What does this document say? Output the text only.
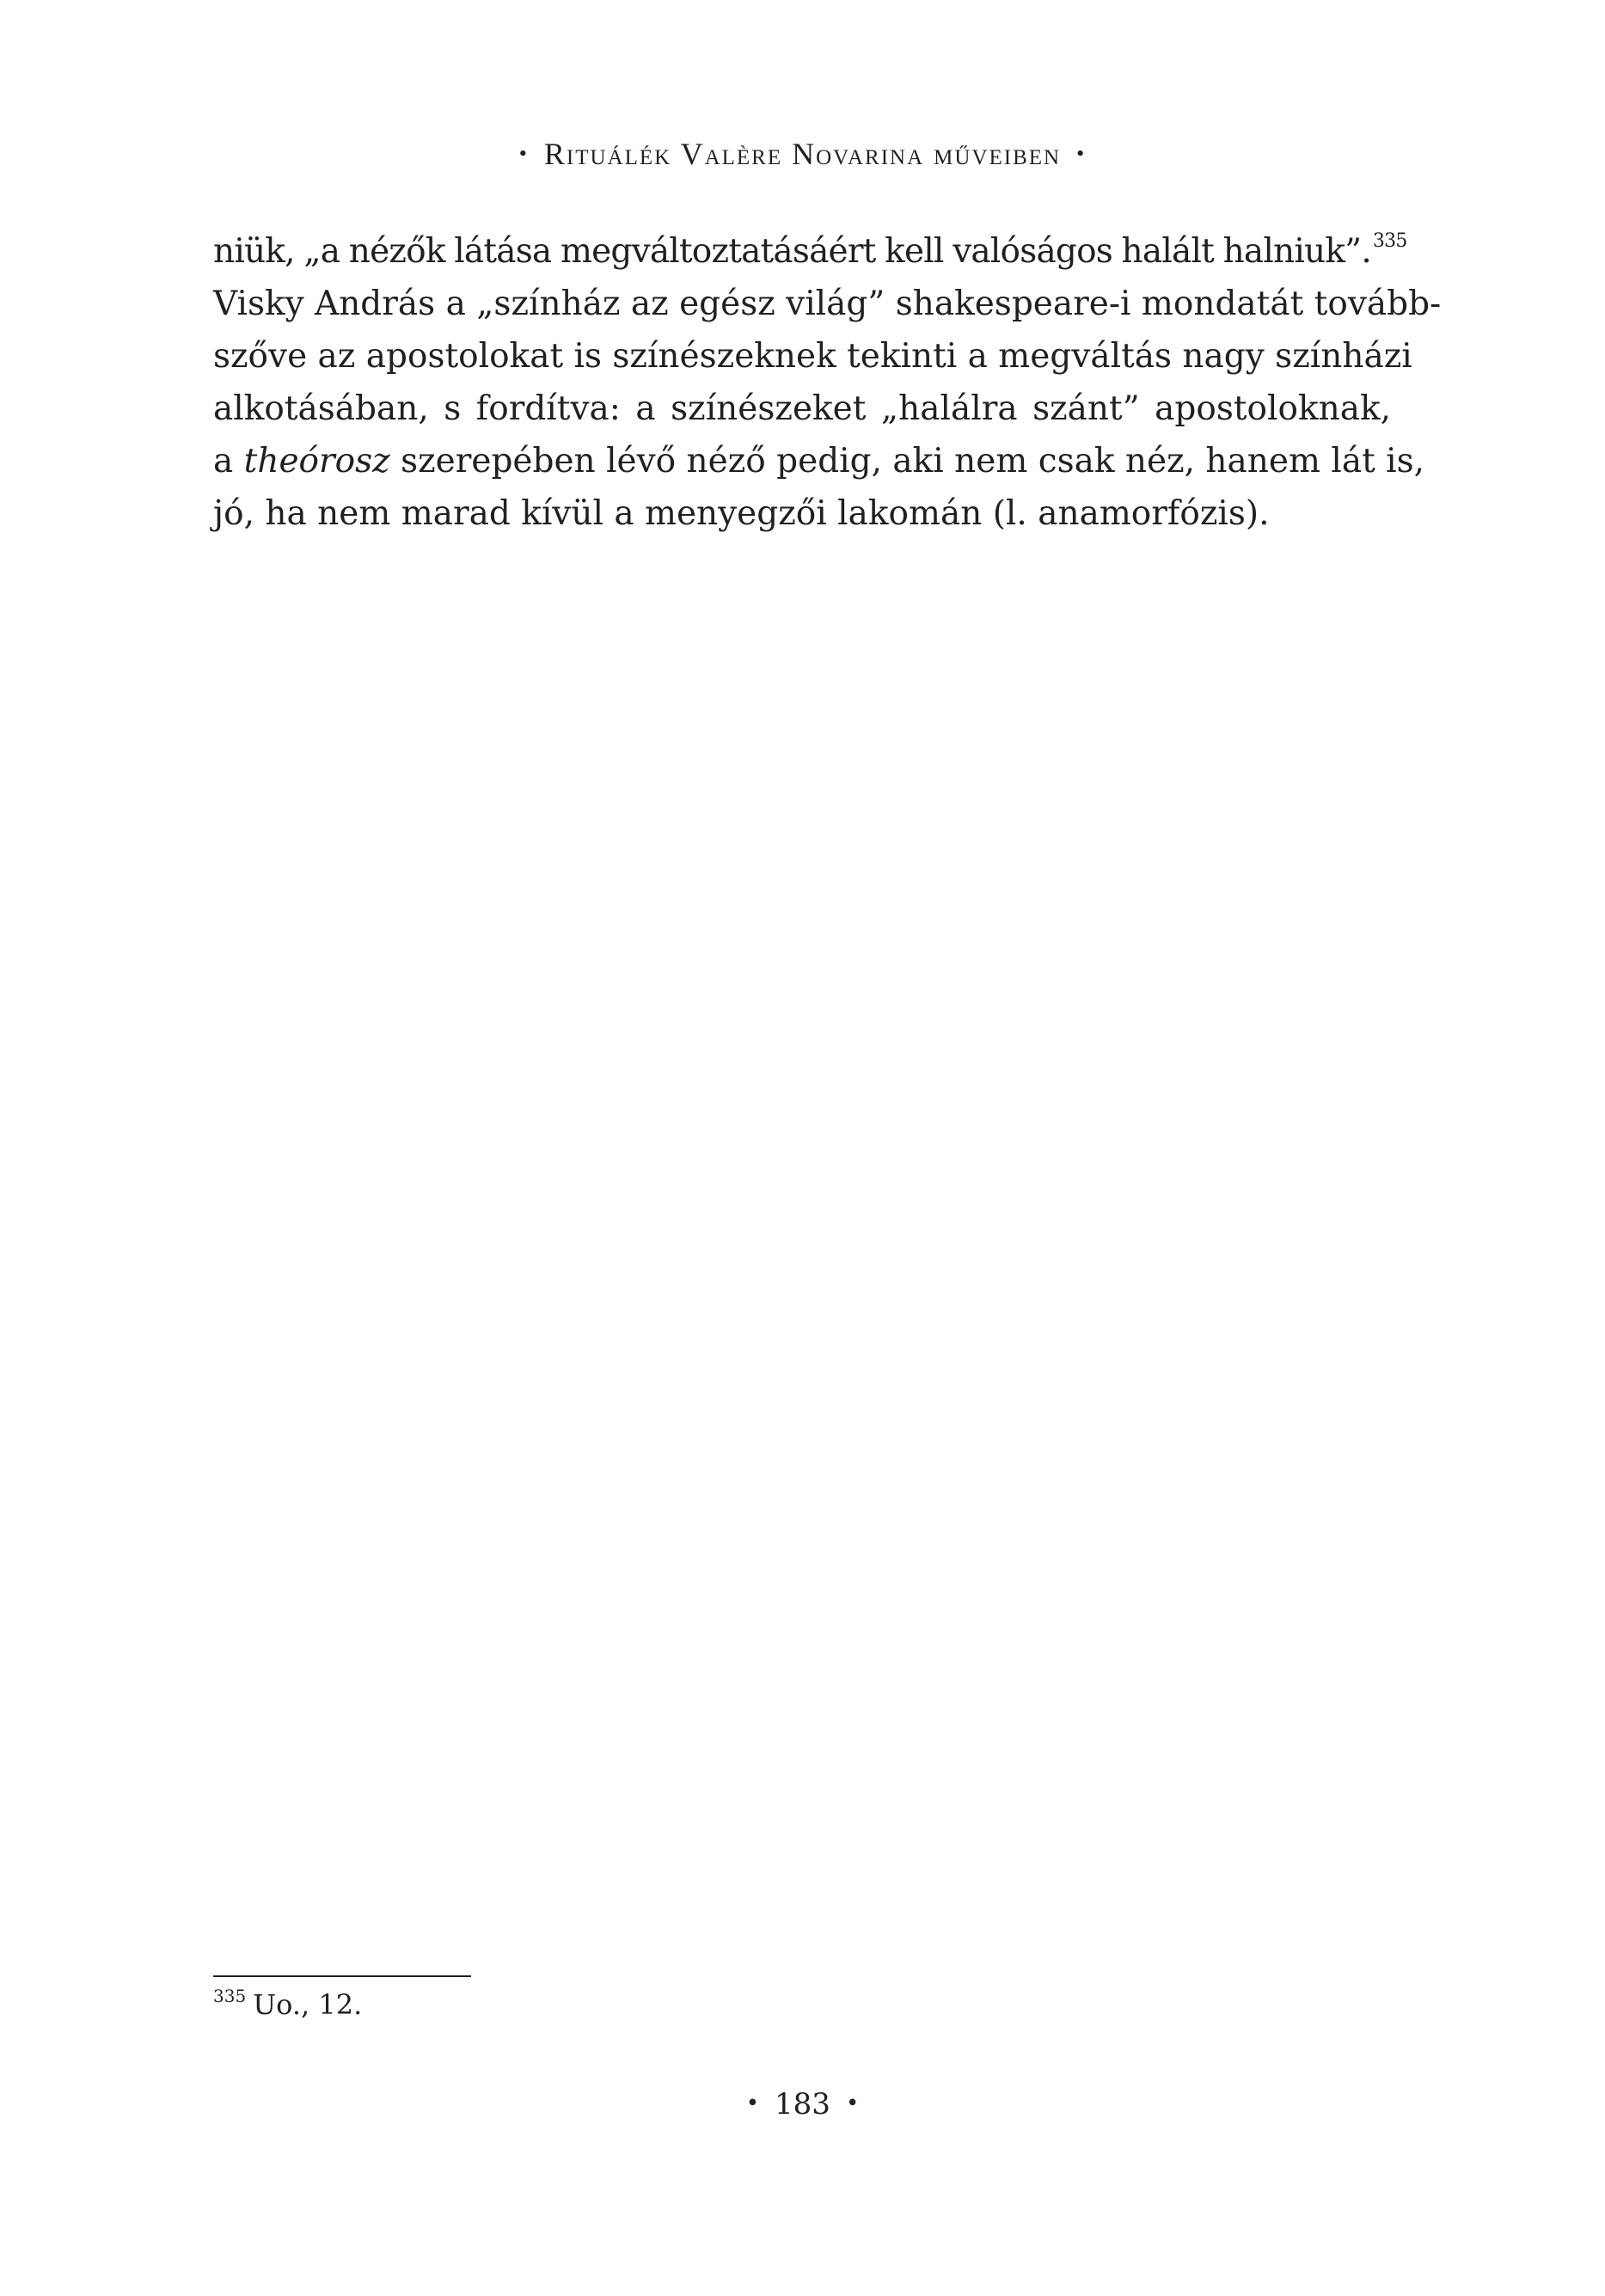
• Rituálék Valère Novarina műveiben •
niük, „a nézők látása megváltoztatásáért kell valóságos halált halniuk”.$^{335}$
Visky András a „színház az egész világ” shakespeare-i mondatát tovább-
szőve az apostolokat is színészeknek tekinti a megváltás nagy színházi
alkotásában, s fordítva: a színészeket „halálra szánt” apostoloknak,
a theórosz szerepében lévő néző pedig, aki nem csak néz, hanem lát is,
jó, ha nem marad kívül a menyegzői lakomán (l. anamorfózis).
$^{335}$ Uo., 12.
• 183 •
